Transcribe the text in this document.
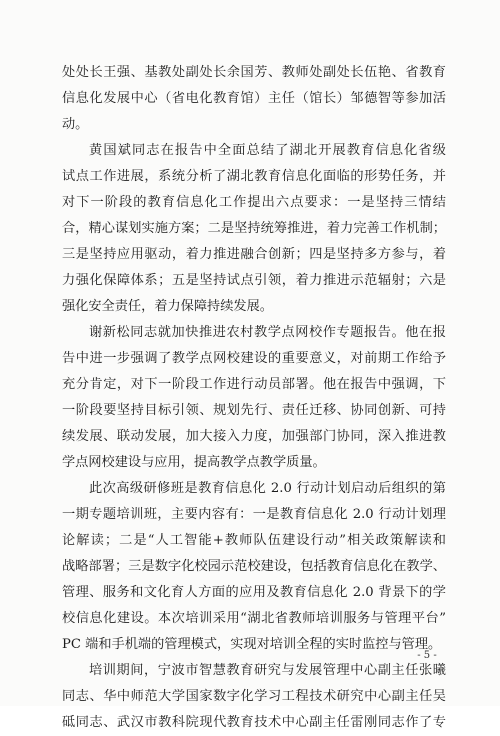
处处长王强、基教处副处长余国芳、教师处副处长伍艳、省教育
信息化发展中心（省电化教育馆）主任（馆长）邹德智等参加活
动。
黄国斌同志在报告中全面总结了湖北开展教育信息化省级
试点工作进展，系统分析了湖北教育信息化面临的形势任务，并
对下一阶段的教育信息化工作提出六点要求：一是坚持三情结
合，精心谋划实施方案；二是坚持统筹推进，着力完善工作机制；
三是坚持应用驱动，着力推进融合创新；四是坚持多方参与，着
力强化保障体系；五是坚持试点引领，着力推进示范辐射；六是
强化安全责任，着力保障持续发展。
谢新松同志就加快推进农村教学点网校作专题报告。他在报
告中进一步强调了教学点网校建设的重要意义，对前期工作给予
充分肯定，对下一阶段工作进行动员部署。他在报告中强调，下
一阶段要坚持目标引领、规划先行、责任迁移、协同创新、可持
续发展、联动发展，加大接入力度，加强部门协同，深入推进教
学点网校建设与应用，提高教学点教学质量。
此次高级研修班是教育信息化 2.0 行动计划启动后组织的第
一期专题培训班，主要内容有：一是教育信息化 2.0 行动计划理
论解读；二是“人工智能+教师队伍建设行动”相关政策解读和
战略部署；三是数字化校园示范校建设，包括教育信息化在教学、
管理、服务和文化育人方面的应用及教育信息化 2.0 背景下的学
校信息化建设。本次培训采用“湖北省教师培训服务与管理平台”
PC 端和手机端的管理模式，实现对培训全程的实时监控与管理。
培训期间，宁波市智慧教育研究与发展管理中心副主任张曦
同志、华中师范大学国家数字化学习工程技术研究中心副主任吴
砥同志、武汉市教科院现代教育技术中心副主任雷刚同志作了专
- 5 -
